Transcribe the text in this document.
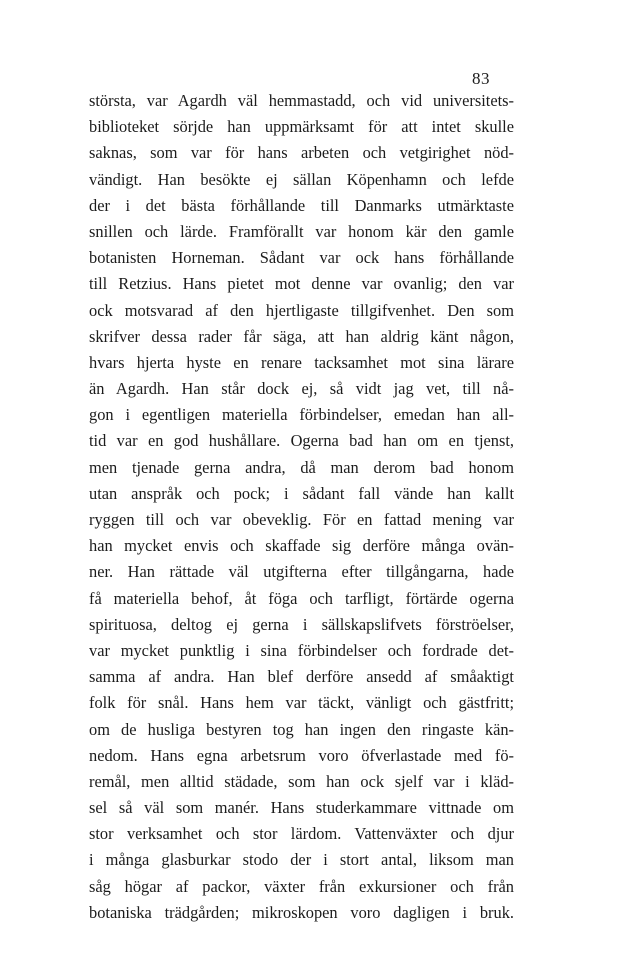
83
största, var Agardh väl hemmastadd, och vid universitets-
biblioteket sörjde han uppmärksamt för att intet skulle
saknas, som var för hans arbeten och vetgirighet nöd-
vändigt. Han besökte ej sällan Köpenhamn och lefde
der i det bästa förhållande till Danmarks utmärktaste
snillen och lärde. Framförallt var honom kär den gamle
botanisten Horneman. Sådant var ock hans förhållande
till Retzius. Hans pietet mot denne var ovanlig; den var
ock motsvarad af den hjertligaste tillgifvenhet. Den som
skrifver dessa rader får säga, att han aldrig känt någon,
hvars hjerta hyste en renare tacksamhet mot sina lärare
än Agardh. Han står dock ej, så vidt jag vet, till nå-
gon i egentligen materiella förbindelser, emedan han all-
tid var en god hushållare. Ogerna bad han om en tjenst,
men tjenade gerna andra, då man derom bad honom
utan anspråk och pock; i sådant fall vände han kallt
ryggen till och var obeveklig. För en fattad mening var
han mycket envis och skaffade sig derföre många ovän-
ner. Han rättade väl utgifterna efter tillgångarna, hade
få materiella behof, åt föga och tarfligt, förtärde ogerna
spirituosa, deltog ej gerna i sällskapslifvets förströelser,
var mycket punktlig i sina förbindelser och fordrade det-
samma af andra. Han blef derföre ansedd af småaktigt
folk för snål. Hans hem var täckt, vänligt och gästfritt;
om de husliga bestyren tog han ingen den ringaste kän-
nedom. Hans egna arbetsrum voro öfverlastade med fö-
remål, men alltid städade, som han ock sjelf var i kläd-
sel så väl som manér. Hans studerkammare vittnade om
stor verksamhet och stor lärdom. Vattenväxter och djur
i många glasburkar stodo der i stort antal, liksom man
såg högar af packor, växter från exkursioner och från
botaniska trädgården; mikroskopen voro dagligen i bruk.
